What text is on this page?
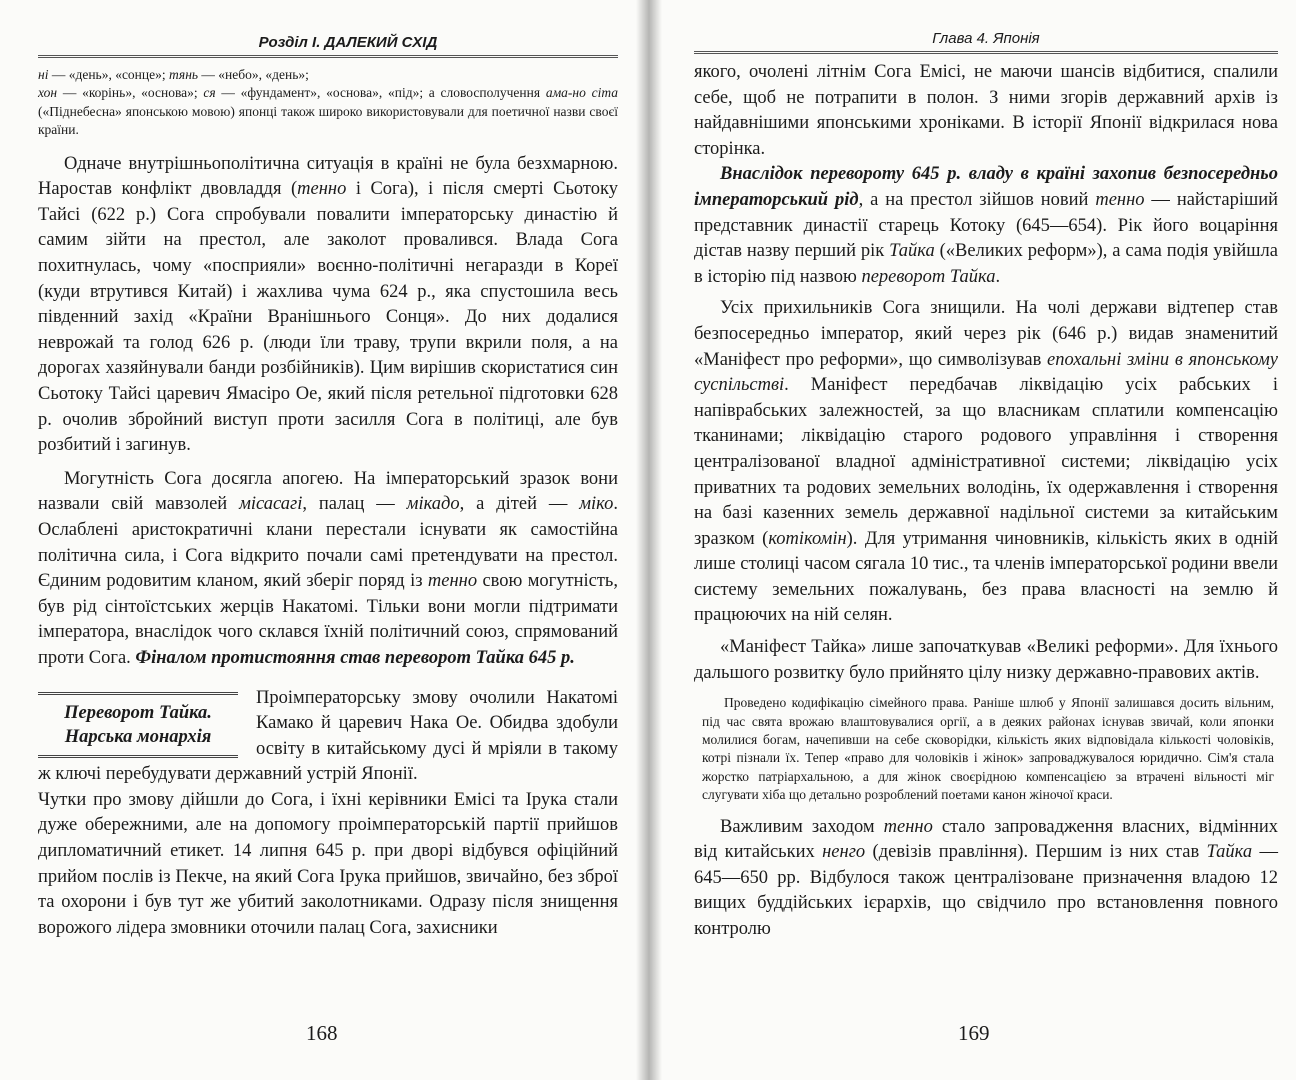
Розділ І. ДАЛЕКИЙ СХІД

ні — «день», «сонце»; тянь — «небо», «день»;
хон — «корінь», «основа»; ся — «фундамент», «основа», «під»; а словосполучення ама-но сіта («Піднебесна» японською мовою) японці також широко використовували для поетичної назви своєї країни.

Одначе внутрішньополітична ситуація в країні не була безхмарною. Наростав конфлікт двовладдя (тенно і Сога), і після смерті Сьотоку Тайсі (622 р.) Сога спробували повалити імператорську династію й самим зійти на престол, але заколот провалився. Влада Сога похитнулась, чому «посприяли» воєнно-політичні негаразди в Кореї (куди втрутився Китай) і жахлива чума 624 р., яка спустошила весь південний захід «Країни Вранішнього Сонця». До них додалися неврожай та голод 626 р. (люди їли траву, трупи вкрили поля, а на дорогах хазяйнували банди розбійників). Цим вирішив скористатися син Сьотоку Тайсі царевич Ямасіро Ое, який після ретельної підготовки 628 р. очолив збройний виступ проти засилля Сога в політиці, але був розбитий і загинув.

Могутність Сога досягла апогею. На імператорський зразок вони назвали свій мавзолей місасагі, палац — мікадо, а дітей — міко. Ослаблені аристократичні клани перестали існувати як самостійна політична сила, і Сога відкрито почали самі претендувати на престол. Єдиним родовитим кланом, який зберіг поряд із тенно свою могутність, був рід сінтоїстських жерців Накатомі. Тільки вони могли підтримати імператора, внаслідок чого склався їхній політичний союз, спрямований проти Сога. Фіналом протистояння став переворот Тайка 645 р.

Переворот Тайка.
Нарська монархія

Проімператорську змову очолили Накатомі Камако й царевич Нака Ое. Обидва здобули освіту в китайському дусі й мріяли в такому ж ключі перебудувати державний устрій Японії.

Чутки про змову дійшли до Сога, і їхні керівники Емісі та Ірука стали дуже обережними, але на допомогу проімператорській партії прийшов дипломатичний етикет. 14 липня 645 р. при дворі відбувся офіційний прийом послів із Пекче, на який Сога Ірука прийшов, звичайно, без зброї та охорони і був тут же убитий заколотниками. Одразу після знищення ворожого лідера змовники оточили палац Сога, захисники

168
Глава 4. Японія

якого, очолені літнім Сога Емісі, не маючи шансів відбитися, спалили себе, щоб не потрапити в полон. З ними згорів державний архів із найдавнішими японськими хроніками. В історії Японії відкрилася нова сторінка.

Внаслідок перевороту 645 р. владу в країні захопив безпосередньо імператорський рід, а на престол зійшов новий тенно — найстаріший представник династії старець Котоку (645—654). Рік його воцаріння дістав назву перший рік Тайка («Великих реформ»), а сама подія увійшла в історію під назвою переворот Тайка.

Усіх прихильників Сога знищили. На чолі держави відтепер став безпосередньо імператор, який через рік (646 р.) видав знаменитий «Маніфест про реформи», що символізував епохальні зміни в японському суспільстві. Маніфест передбачав ліквідацію усіх рабських і напіврабських залежностей, за що власникам сплатили компенсацію тканинами; ліквідацію старого родового управління і створення централізованої владної адміністративної системи; ліквідацію усіх приватних та родових земельних володінь, їх одержавлення і створення на базі казенних земель державної надільної системи за китайським зразком (котікомін). Для утримання чиновників, кількість яких в одній лише столиці часом сягала 10 тис., та членів імператорської родини ввели систему земельних пожалувань, без права власності на землю й працюючих на ній селян.

«Маніфест Тайка» лише започаткував «Великі реформи». Для їхнього дальшого розвитку було прийнято цілу низку державно-правових актів.

Проведено кодифікацію сімейного права. Раніше шлюб у Японії залишався досить вільним, під час свята врожаю влаштовувалися оргії, а в деяких районах існував звичай, коли японки молилися богам, начепивши на себе сковорідки, кількість яких відповідала кількості чоловіків, котрі пізнали їх. Тепер «право для чоловіків і жінок» запроваджувалося юридично. Сім'я стала жорстко патріархальною, а для жінок своєрідною компенсацією за втрачені вільності міг слугувати хіба що детально розроблений поетами канон жіночої краси.

Важливим заходом тенно стало запровадження власних, відмінних від китайських ненго (девізів правління). Першим із них став Тайка — 645—650 рр. Відбулося також централізоване призначення владою 12 вищих буддійських ієрархів, що свідчило про встановлення повного контролю

169
